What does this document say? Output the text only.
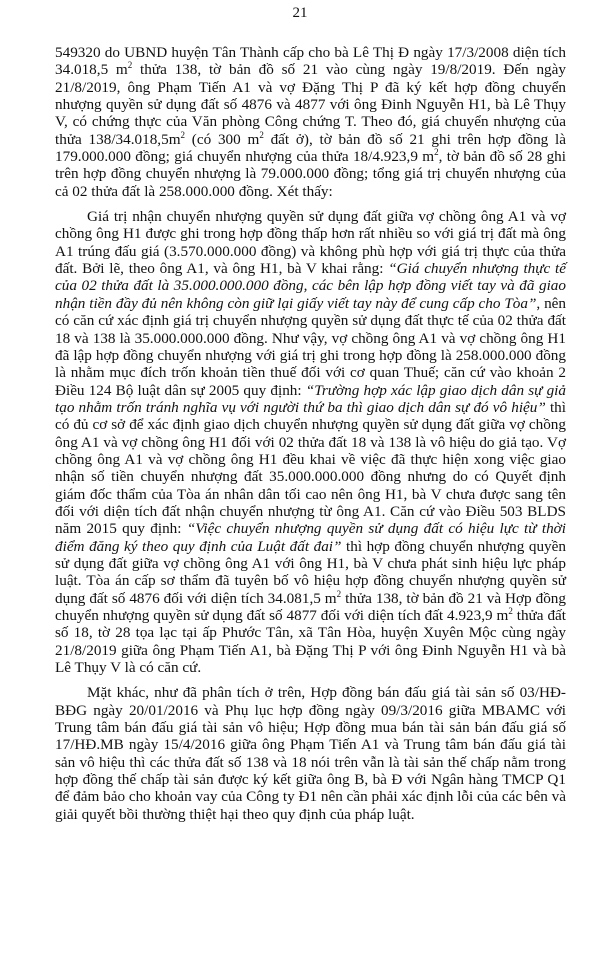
21

549320 do UBND huyện Tân Thành cấp cho bà Lê Thị Đ ngày 17/3/2008 diện tích 34.018,5 $m^2$ thửa 138, tờ bản đồ số 21 vào cùng ngày 19/8/2019. Đến ngày 21/8/2019, ông Phạm Tiến A1 và vợ Đặng Thị P đã ký kết hợp đồng chuyển nhượng quyền sử dụng đất số 4876 và 4877 với ông Đinh Nguyễn H1, bà Lê Thụy V, có chứng thực của Văn phòng Công chứng T. Theo đó, giá chuyển nhượng của thửa $138/34.018,5m^2$ (có 300 $m^2$ đất ở), tờ bản đồ số 21 ghi trên hợp đồng là 179.000.000 đồng; giá chuyển nhượng của thửa 18/4.923,9 $m^2$, tờ bản đồ số 28 ghi trên hợp đồng chuyển nhượng là 79.000.000 đồng; tổng giá trị chuyển nhượng của cả 02 thửa đất là 258.000.000 đồng. Xét thấy:

Giá trị nhận chuyển nhượng quyền sử dụng đất giữa vợ chồng ông A1 và vợ chồng ông H1 được ghi trong hợp đồng thấp hơn rất nhiều so với giá trị đất mà ông A1 trúng đấu giá (3.570.000.000 đồng) và không phù hợp với giá trị thực của thửa đất. Bởi lẽ, theo ông A1, và ông H1, bà V khai rằng: “Giá chuyển nhượng thực tế của 02 thửa đất là 35.000.000.000 đồng, các bên lập hợp đồng viết tay và đã giao nhận tiền đầy đủ nên không còn giữ lại giấy viết tay này để cung cấp cho Tòa”, nên có căn cứ xác định giá trị chuyển nhượng quyền sử dụng đất thực tế của 02 thửa đất 18 và 138 là 35.000.000.000 đồng. Như vậy, vợ chồng ông A1 và vợ chồng ông H1 đã lập hợp đồng chuyển nhượng với giá trị ghi trong hợp đồng là 258.000.000 đồng là nhằm mục đích trốn khoản tiền thuế đối với cơ quan Thuế; căn cứ vào khoản 2 Điều 124 Bộ luật dân sự 2005 quy định: “Trường hợp xác lập giao dịch dân sự giả tạo nhằm trốn tránh nghĩa vụ với người thứ ba thì giao dịch dân sự đó vô hiệu” thì có đủ cơ sở để xác định giao dịch chuyển nhượng quyền sử dụng đất giữa vợ chồng ông A1 và vợ chồng ông H1 đối với 02 thửa đất 18 và 138 là vô hiệu do giả tạo. Vợ chồng ông A1 và vợ chồng ông H1 đều khai về việc đã thực hiện xong việc giao nhận số tiền chuyển nhượng đất 35.000.000.000 đồng nhưng do có Quyết định giám đốc thẩm của Tòa án nhân dân tối cao nên ông H1, bà V chưa được sang tên đối với diện tích đất nhận chuyển nhượng từ ông A1. Căn cứ vào Điều 503 BLDS năm 2015 quy định: “Việc chuyển nhượng quyền sử dụng đất có hiệu lực từ thời điểm đăng ký theo quy định của Luật đất đai” thì hợp đồng chuyển nhượng quyền sử dụng đất giữa vợ chồng ông A1 với ông H1, bà V chưa phát sinh hiệu lực pháp luật. Tòa án cấp sơ thẩm đã tuyên bố vô hiệu hợp đồng chuyển nhượng quyền sử dụng đất số 4876 đối với diện tích 34.081,5 $m^2$ thửa 138, tờ bản đồ 21 và Hợp đồng chuyển nhượng quyền sử dụng đất số 4877 đối với diện tích đất 4.923,9 $m^2$ thửa đất số 18, tờ 28 tọa lạc tại ấp Phước Tân, xã Tân Hòa, huyện Xuyên Mộc cùng ngày 21/8/2019 giữa ông Phạm Tiến A1, bà Đặng Thị P với ông Đinh Nguyễn H1 và bà Lê Thụy V là có căn cứ.

Mặt khác, như đã phân tích ở trên, Hợp đồng bán đấu giá tài sản số 03/HĐ-BĐG ngày 20/01/2016 và Phụ lục hợp đồng ngày 09/3/2016 giữa MBAMC với Trung tâm bán đấu giá tài sản vô hiệu; Hợp đồng mua bán tài sản bán đấu giá số 17/HĐ.MB ngày 15/4/2016 giữa ông Phạm Tiến A1 và Trung tâm bán đấu giá tài sản vô hiệu thì các thửa đất số 138 và 18 nói trên vẫn là tài sản thế chấp nằm trong hợp đồng thế chấp tài sản được ký kết giữa ông B, bà Đ với Ngân hàng TMCP Q1 để đảm bảo cho khoản vay của Công ty Đ1 nên cần phải xác định lỗi của các bên và giải quyết bồi thường thiệt hại theo quy định của pháp luật.
